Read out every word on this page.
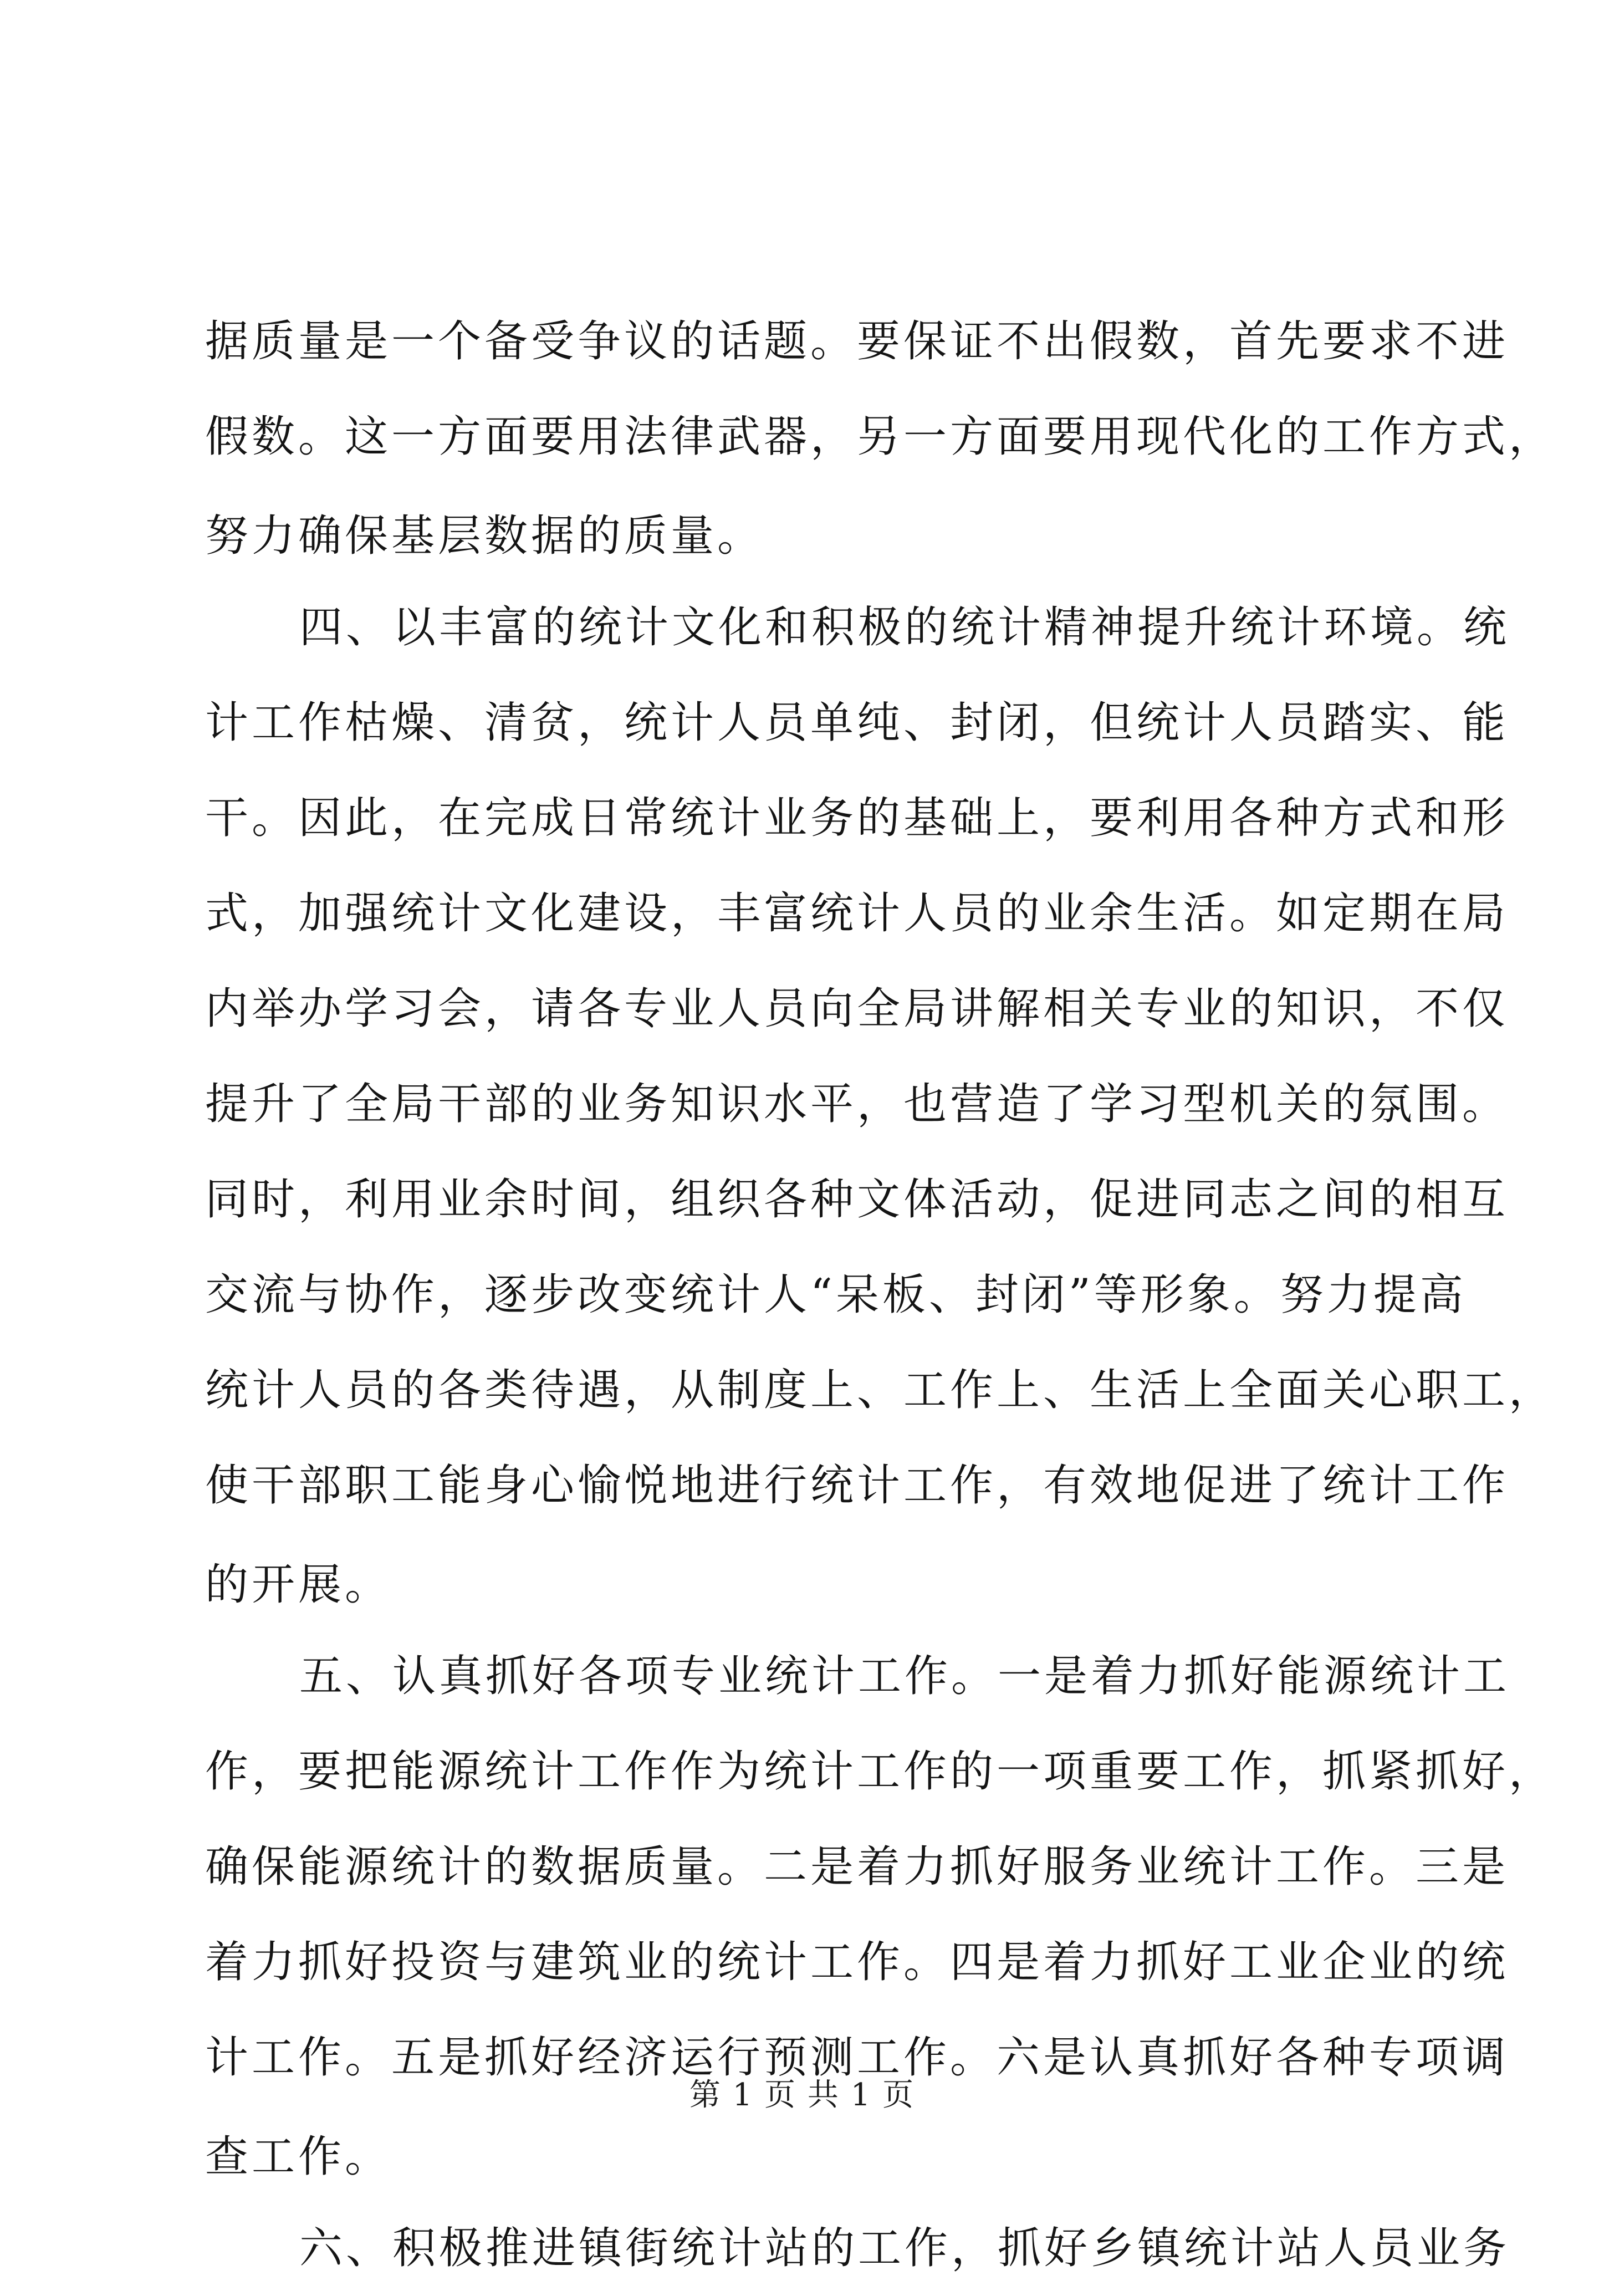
据质量是一个备受争议的话题。要保证不出假数，首先要求不进
假数。这一方面要用法律武器，另一方面要用现代化的工作方式，
努力确保基层数据的质量。
四、以丰富的统计文化和积极的统计精神提升统计环境。统
计工作枯燥、清贫，统计人员单纯、封闭，但统计人员踏实、能
干。因此，在完成日常统计业务的基础上，要利用各种方式和形
式，加强统计文化建设，丰富统计人员的业余生活。如定期在局
内举办学习会，请各专业人员向全局讲解相关专业的知识，不仅
提升了全局干部的业务知识水平，也营造了学习型机关的氛围。
同时，利用业余时间，组织各种文体活动，促进同志之间的相互
交流与协作，逐步改变统计人“呆板、封闭”等形象。努力提高
统计人员的各类待遇，从制度上、工作上、生活上全面关心职工，
使干部职工能身心愉悦地进行统计工作，有效地促进了统计工作
的开展。
五、认真抓好各项专业统计工作。一是着力抓好能源统计工
作，要把能源统计工作作为统计工作的一项重要工作，抓紧抓好，
确保能源统计的数据质量。二是着力抓好服务业统计工作。三是
着力抓好投资与建筑业的统计工作。四是着力抓好工业企业的统
计工作。五是抓好经济运行预测工作。六是认真抓好各种专项调
查工作。
六、积极推进镇街统计站的工作，抓好乡镇统计站人员业务
第 1 页 共 1 页
